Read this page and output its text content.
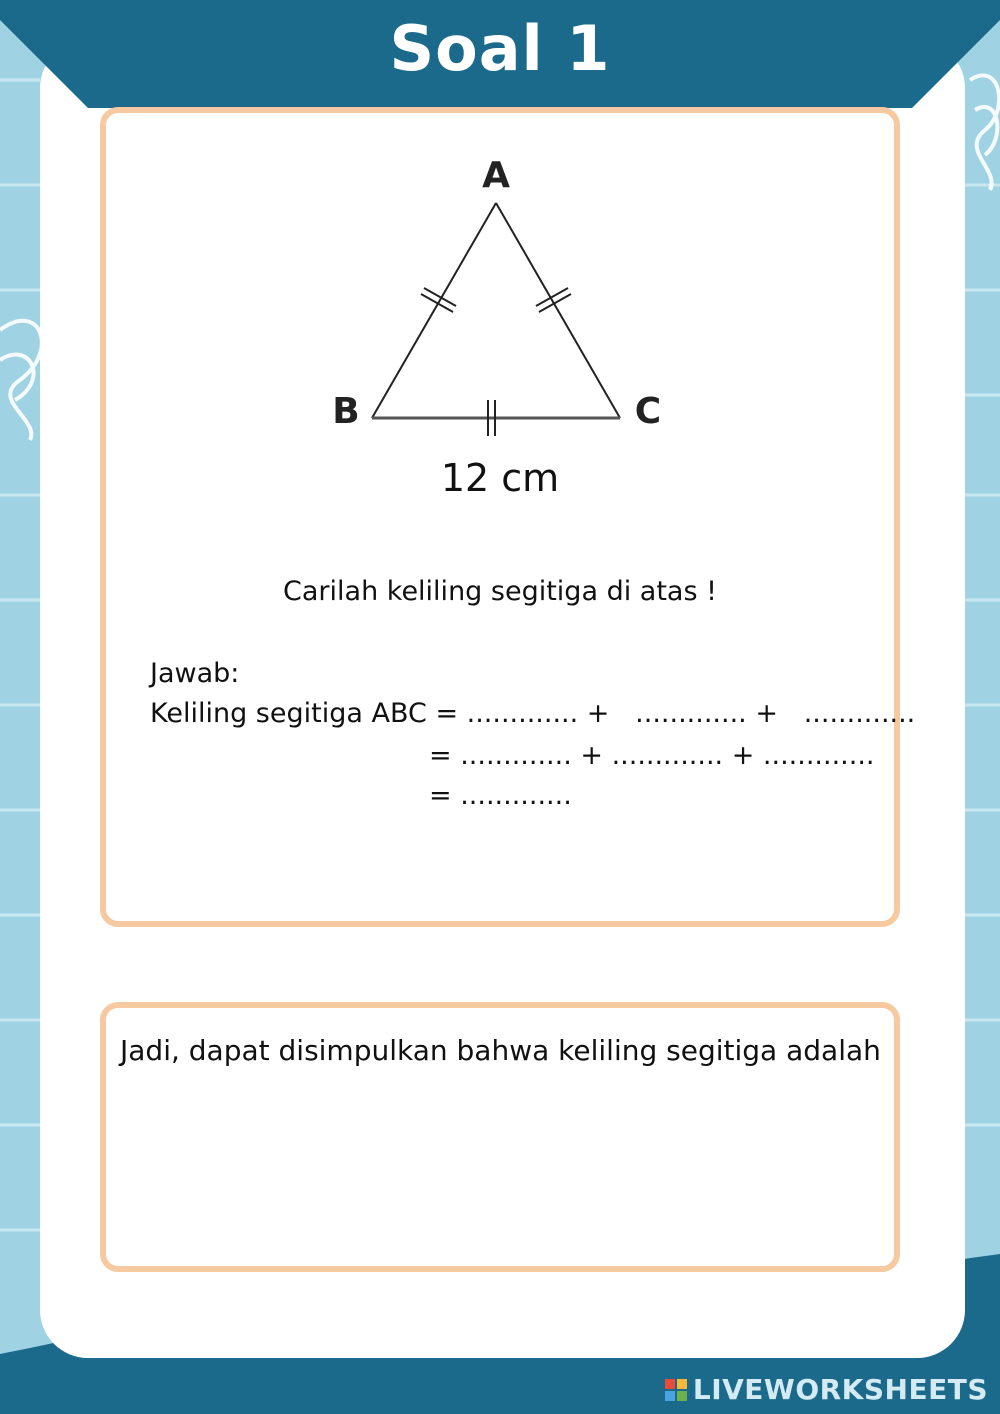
Soal 1
A
B	C
12 cm
Carilah keliling segitiga di atas !
Jawab:
Keliling segitiga ABC = ............. +   ............. +   .............
= ............. + ............. + .............
= .............
Jadi, dapat disimpulkan bahwa keliling segitiga adalah
LIVEWORKSHEETS
